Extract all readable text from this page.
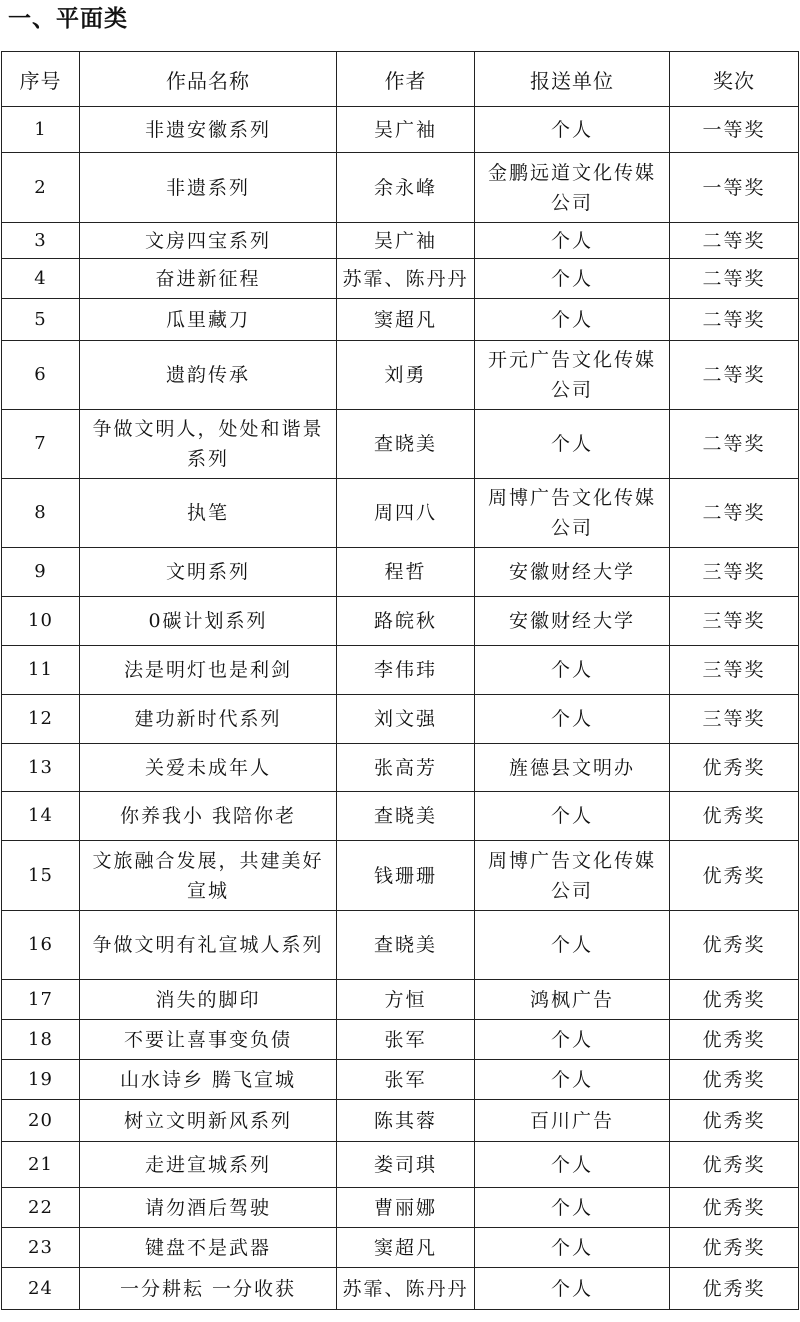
一、平面类
序号	作品名称	作者	报送单位	奖次
1	非遗安徽系列	吴广袖	个人	一等奖
2	非遗系列	余永峰	金鹏远道文化传媒公司	一等奖
3	文房四宝系列	吴广袖	个人	二等奖
4	奋进新征程	苏霏、陈丹丹	个人	二等奖
5	瓜里藏刀	窦超凡	个人	二等奖
6	遗韵传承	刘勇	开元广告文化传媒公司	二等奖
7	争做文明人，处处和谐景系列	查晓美	个人	二等奖
8	执笔	周四八	周博广告文化传媒公司	二等奖
9	文明系列	程哲	安徽财经大学	三等奖
10	0碳计划系列	路皖秋	安徽财经大学	三等奖
11	法是明灯也是利剑	李伟玮	个人	三等奖
12	建功新时代系列	刘文强	个人	三等奖
13	关爱未成年人	张高芳	旌德县文明办	优秀奖
14	你养我小 我陪你老	查晓美	个人	优秀奖
15	文旅融合发展，共建美好宣城	钱珊珊	周博广告文化传媒公司	优秀奖
16	争做文明有礼宣城人系列	查晓美	个人	优秀奖
17	消失的脚印	方恒	鸿枫广告	优秀奖
18	不要让喜事变负债	张军	个人	优秀奖
19	山水诗乡 腾飞宣城	张军	个人	优秀奖
20	树立文明新风系列	陈其蓉	百川广告	优秀奖
21	走进宣城系列	娄司琪	个人	优秀奖
22	请勿酒后驾驶	曹丽娜	个人	优秀奖
23	键盘不是武器	窦超凡	个人	优秀奖
24	一分耕耘 一分收获	苏霏、陈丹丹	个人	优秀奖
